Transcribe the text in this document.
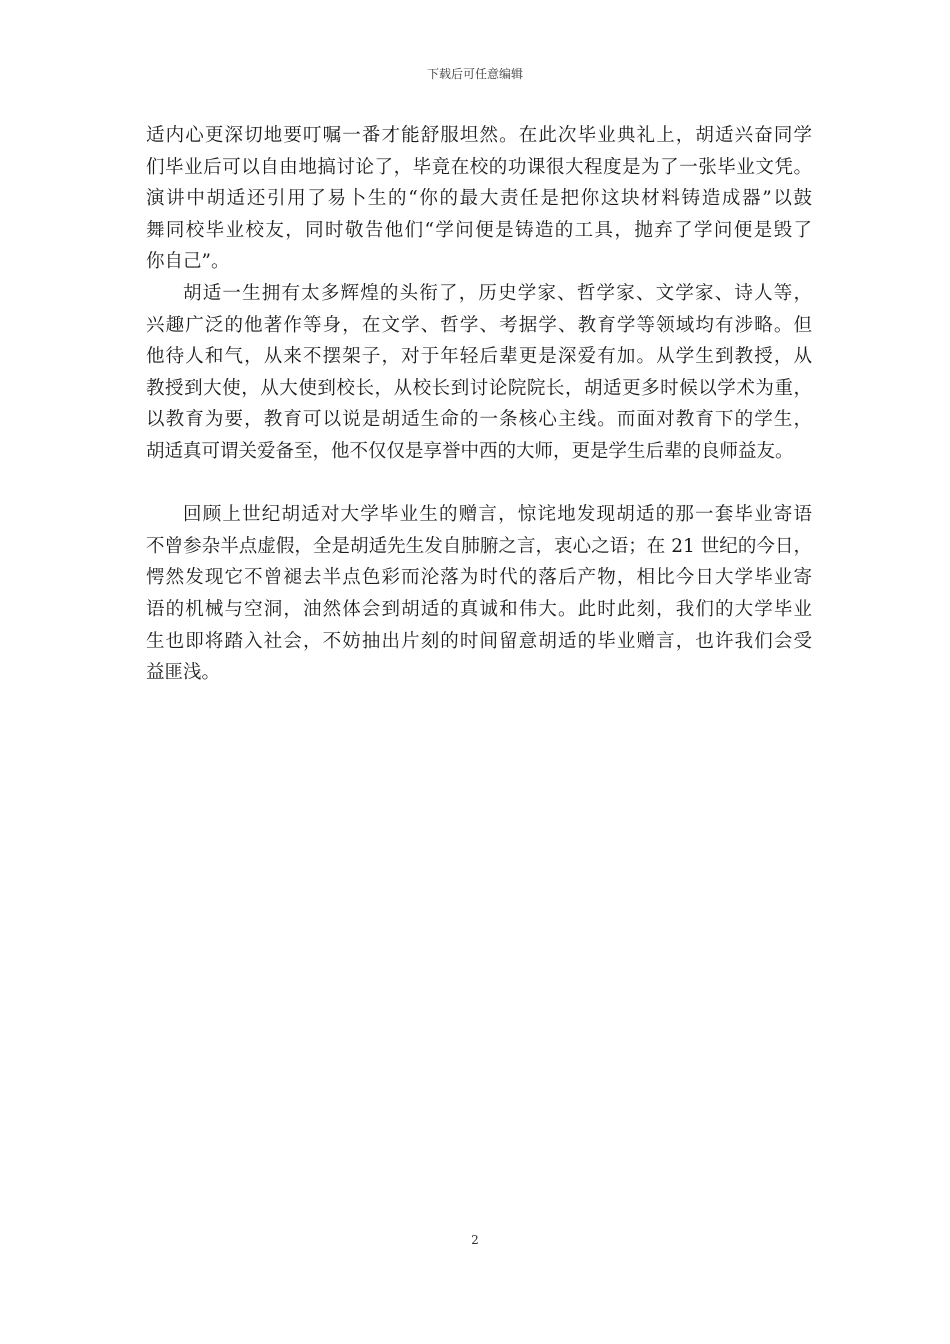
下载后可任意编辑
适内心更深切地要叮嘱一番才能舒服坦然。在此次毕业典礼上，胡适兴奋同学
们毕业后可以自由地搞讨论了，毕竟在校的功课很大程度是为了一张毕业文凭。
演讲中胡适还引用了易卜生的“你的最大责任是把你这块材料铸造成器”以鼓
舞同校毕业校友，同时敬告他们“学问便是铸造的工具，抛弃了学问便是毁了
你自己”。
胡适一生拥有太多辉煌的头衔了，历史学家、哲学家、文学家、诗人等，
兴趣广泛的他著作等身，在文学、哲学、考据学、教育学等领域均有涉略。但
他待人和气，从来不摆架子，对于年轻后辈更是深爱有加。从学生到教授，从
教授到大使，从大使到校长，从校长到讨论院院长，胡适更多时候以学术为重，
以教育为要，教育可以说是胡适生命的一条核心主线。而面对教育下的学生，
胡适真可谓关爱备至，他不仅仅是享誉中西的大师，更是学生后辈的良师益友。
回顾上世纪胡适对大学毕业生的赠言，惊诧地发现胡适的那一套毕业寄语
不曾参杂半点虚假，全是胡适先生发自肺腑之言，衷心之语；在 21 世纪的今日，
愕然发现它不曾褪去半点色彩而沦落为时代的落后产物，相比今日大学毕业寄
语的机械与空洞，油然体会到胡适的真诚和伟大。此时此刻，我们的大学毕业
生也即将踏入社会，不妨抽出片刻的时间留意胡适的毕业赠言，也许我们会受
益匪浅。
2
